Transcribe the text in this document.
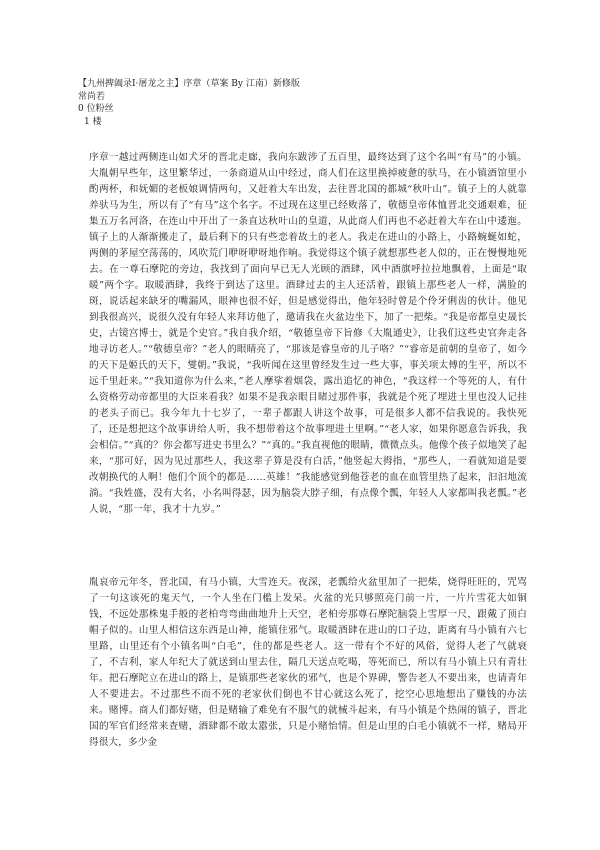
【九州捭阖录Ⅰ·屠龙之主】序章（草案 By 江南）新修版
常尚若
0 位粉丝
1 楼

序章一越过两侧连山如犬牙的晋北走廊，我向东跋涉了五百里，最终达到了这个名叫“有马”的小镇。大胤朝早些年，这里繁华过，一条商道从山中经过，商人们在这里换掉疲惫的驮马，在小镇酒馆里小酌两杯，和妩媚的老板娘调情两句，又赶着大车出发，去往晋北国的都城“秋叶山”。镇子上的人就靠养驮马为生，所以有了“有马”这个名字。不过现在这里已经败落了，敬德皇帝体恤晋北交通艰难，征集五万名河洛，在连山中开出了一条直达秋叶山的皇道，从此商人们再也不必赶着大车在山中逶迤。镇子上的人渐渐搬走了，最后剩下的只有些恋着故土的老人。我走在进山的小路上，小路蜿蜒如蛇，两侧的茅屋空荡荡的，风吹荒门咿呀咿呀地作响。我觉得这个镇子就想那些老人似的，正在慢慢地死去。在一尊石摩陀的旁边，我找到了面向早已无人光顾的酒肆，风中酒旗呼拉拉地飘着，上面是“取暖”两个字。取暖酒肆，我终于到达了这里。酒肆过去的主人还活着，跟镇上那些老人一样，满脸的斑，说话起来缺牙的嘴漏风，眼神也很不好，但是感觉得出，他年轻时曾是个伶牙俐齿的伙计。他见到我很高兴，说很久没有年轻人来拜访他了，邀请我在火盆边坐下，加了一把柴。“我是帝都皇史晟长史，古镜宫博士，就是个史官。”我自我介绍，“敬德皇帝下旨修《大胤通史》，让我们这些史官奔走各地寻访老人。”“敬德皇帝？”老人的眼睛亮了，“那该是睿皇帝的儿子咯？”“睿帝是前朝的皇帝了，如今的天下是姬氏的天下，燮朝。”我说，“我听闻在这里曾经发生过一些大事，事关项太傅的生平，所以不远千里赶来。”“我知道你为什么来，”老人摩挲着烟袋，露出追忆的神色，“我这样一个等死的人，有什么资格劳动帝都里的大臣来看我？如果不是我亲眼目睹过那件事，我就是个死了埋进土里也没人记挂的老头子而已。我今年九十七岁了，一辈子都跟人讲这个故事，可是很多人都不信我说的。我快死了，还是想把这个故事讲给人听，我不想带着这个故事埋进土里啊。”“老人家，如果你愿意告诉我，我会相信。”“真的？你会都写进史书里么？”“真的。”我直视他的眼睛，微微点头。他像个孩子似地笑了起来，“那可好，因为见过那些人，我这辈子算是没有白活，”他竖起大拇指，“那些人，一看就知道是要改朝换代的人啊！他们个顶个的都是……英雄！”我能感觉到他苍老的血在血管里热了起来，汩汩地流淌。“我姓盛，没有大名，小名叫得瑟，因为脑袋大脖子细，有点像个瓢，年轻人人家都叫我老瓢。”老人说，“那一年，我才十九岁。”

胤哀帝元年冬，晋北国，有马小镇，大雪连天。夜深，老瓢给火盆里加了一把柴，烧得旺旺的，咒骂了一句这该死的鬼天气，一个人坐在门槛上发呆。火盆的光只够照亮门前一片，一片片雪花大如铜钱，不远处那株鬼手般的老柏弯弯曲曲地升上天空，老柏旁那尊石摩陀脑袋上雪厚一尺，跟戴了顶白帽子似的。山里人相信这东西是山神，能镇住邪气。取暖酒肆在进山的口子边，距离有马小镇有六七里路，山里还有个小镇名叫“白毛”，住的都是些老人。这一带有个不好的风俗，觉得人老了气就衰了，不吉利，家人年纪大了就送到山里去住，隔几天送点吃喝，等死而已，所以有马小镇上只有青壮年。把石摩陀立在进山的路上，是镇那些老家伙的邪气，也是个界碑，警告老人不要出来，也请青年人不要进去。不过那些不而不死的老家伙们倒也不甘心就这么死了，挖空心思地想出了赚钱的办法来。赌博。商人们都好赌，但是赌输了难免有不服气的就械斗起来，有马小镇是个热闹的镇子，晋北国的军官们经常来查赌，酒肆都不敢太嚣张，只是小赌怡情。但是山里的白毛小镇就不一样，赌局开得很大，多少金
